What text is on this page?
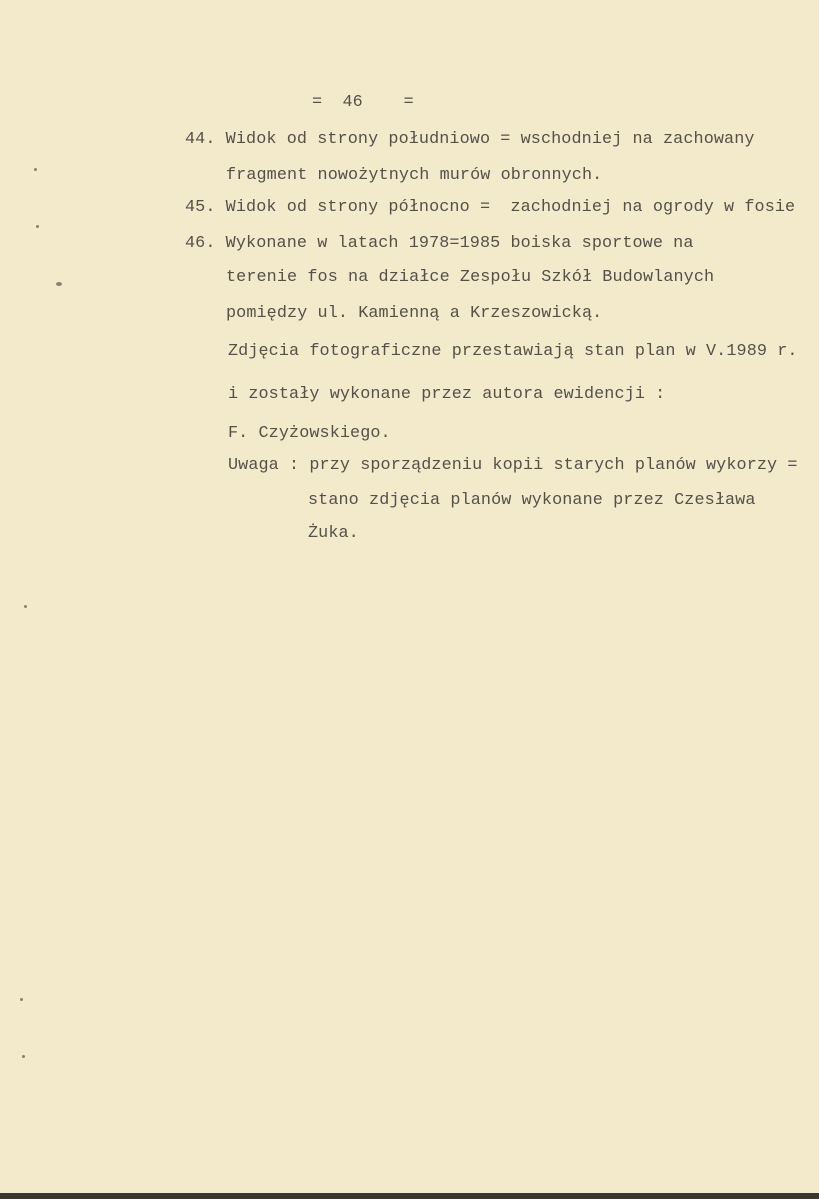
=  46    =
44. Widok od strony południowo = wschodniej na zachowany
fragment nowożytnych murów obronnych.
45. Widok od strony północno =  zachodniej na ogrody w fosie
46. Wykonane w latach 1978=1985 boiska sportowe na
terenie fos na działce Zespołu Szkół Budowlanych
pomiędzy ul. Kamienną a Krzeszowicką.
Zdjęcia fotograficzne przestawiają stan plan w V.1989 r.
i zostały wykonane przez autora ewidencji :
F. Czyżowskiego.
Uwaga : przy sporządzeniu kopii starych planów wykorzy =
stano zdjęcia planów wykonane przez Czesława
Żuka.
